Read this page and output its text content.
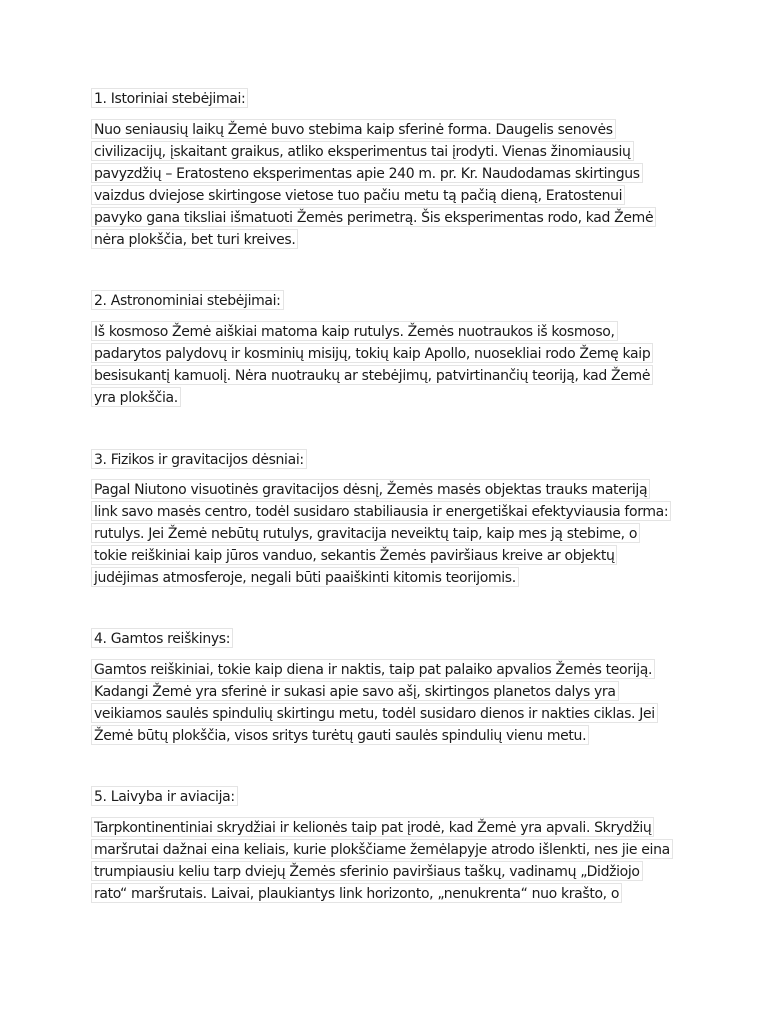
1. Istoriniai stebėjimai:
Nuo seniausių laikų Žemė buvo stebima kaip sferinė forma. Daugelis senovės
civilizacijų, įskaitant graikus, atliko eksperimentus tai įrodyti. Vienas žinomiausių
pavyzdžių – Eratosteno eksperimentas apie 240 m. pr. Kr. Naudodamas skirtingus
vaizdus dviejose skirtingose vietose tuo pačiu metu tą pačią dieną, Eratostenui
pavyko gana tiksliai išmatuoti Žemės perimetrą. Šis eksperimentas rodo, kad Žemė
nėra plokščia, bet turi kreives.
2. Astronominiai stebėjimai:
Iš kosmoso Žemė aiškiai matoma kaip rutulys. Žemės nuotraukos iš kosmoso,
padarytos palydovų ir kosminių misijų, tokių kaip Apollo, nuosekliai rodo Žemę kaip
besisukantį kamuolį. Nėra nuotraukų ar stebėjimų, patvirtinančių teoriją, kad Žemė
yra plokščia.
3. Fizikos ir gravitacijos dėsniai:
Pagal Niutono visuotinės gravitacijos dėsnį, Žemės masės objektas trauks materiją
link savo masės centro, todėl susidaro stabiliausia ir energetiškai efektyviausia forma:
rutulys. Jei Žemė nebūtų rutulys, gravitacija neveiktų taip, kaip mes ją stebime, o
tokie reiškiniai kaip jūros vanduo, sekantis Žemės paviršiaus kreive ar objektų
judėjimas atmosferoje, negali būti paaiškinti kitomis teorijomis.
4. Gamtos reiškinys:
Gamtos reiškiniai, tokie kaip diena ir naktis, taip pat palaiko apvalios Žemės teoriją.
Kadangi Žemė yra sferinė ir sukasi apie savo ašį, skirtingos planetos dalys yra
veikiamos saulės spindulių skirtingu metu, todėl susidaro dienos ir nakties ciklas. Jei
Žemė būtų plokščia, visos sritys turėtų gauti saulės spindulių vienu metu.
5. Laivyba ir aviacija:
Tarpkontinentiniai skrydžiai ir kelionės taip pat įrodė, kad Žemė yra apvali. Skrydžių
maršrutai dažnai eina keliais, kurie plokščiame žemėlapyje atrodo išlenkti, nes jie eina
trumpiausiu keliu tarp dviejų Žemės sferinio paviršiaus taškų, vadinamų „Didžiojo
rato“ maršrutais. Laivai, plaukiantys link horizonto, „nenukrenta“ nuo krašto, o
